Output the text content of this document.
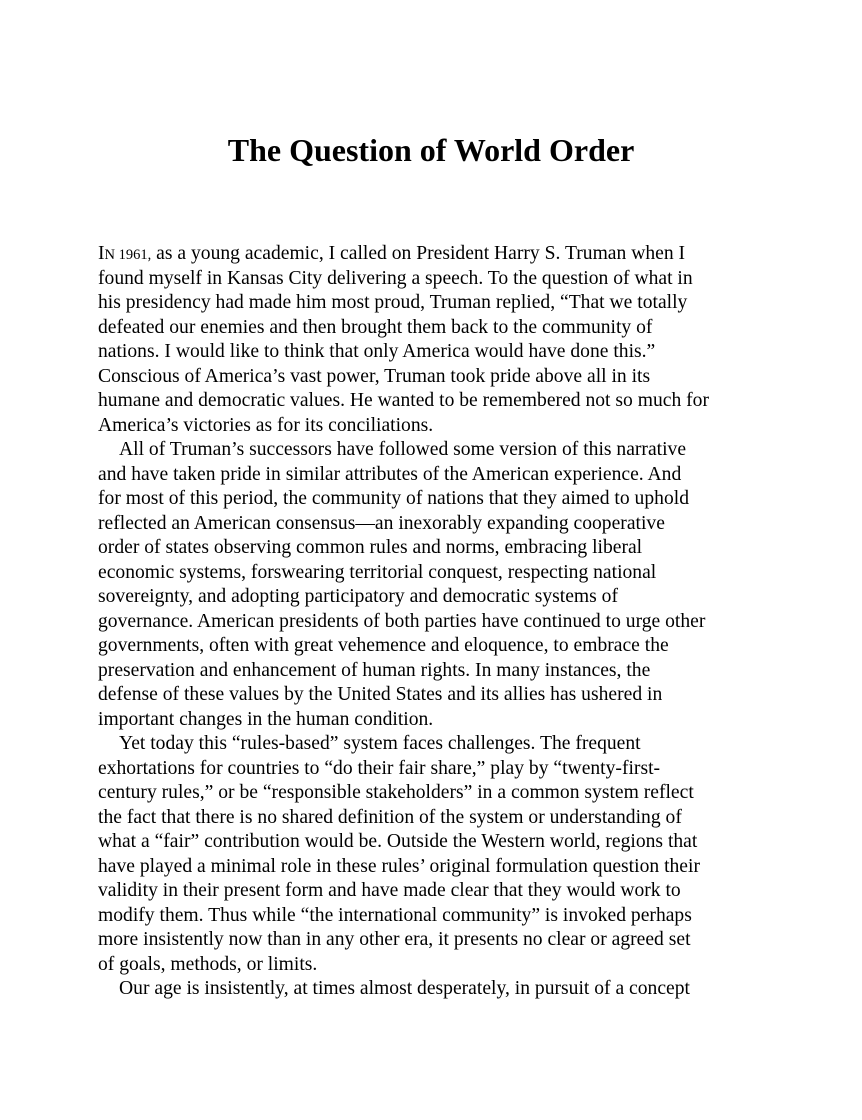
The Question of World Order
IN 1961, as a young academic, I called on President Harry S. Truman when I
found myself in Kansas City delivering a speech. To the question of what in
his presidency had made him most proud, Truman replied, “That we totally
defeated our enemies and then brought them back to the community of
nations. I would like to think that only America would have done this.”
Conscious of America’s vast power, Truman took pride above all in its
humane and democratic values. He wanted to be remembered not so much for
America’s victories as for its conciliations.
All of Truman’s successors have followed some version of this narrative
and have taken pride in similar attributes of the American experience. And
for most of this period, the community of nations that they aimed to uphold
reflected an American consensus—an inexorably expanding cooperative
order of states observing common rules and norms, embracing liberal
economic systems, forswearing territorial conquest, respecting national
sovereignty, and adopting participatory and democratic systems of
governance. American presidents of both parties have continued to urge other
governments, often with great vehemence and eloquence, to embrace the
preservation and enhancement of human rights. In many instances, the
defense of these values by the United States and its allies has ushered in
important changes in the human condition.
Yet today this “rules-based” system faces challenges. The frequent
exhortations for countries to “do their fair share,” play by “twenty-first-
century rules,” or be “responsible stakeholders” in a common system reflect
the fact that there is no shared definition of the system or understanding of
what a “fair” contribution would be. Outside the Western world, regions that
have played a minimal role in these rules’ original formulation question their
validity in their present form and have made clear that they would work to
modify them. Thus while “the international community” is invoked perhaps
more insistently now than in any other era, it presents no clear or agreed set
of goals, methods, or limits.
Our age is insistently, at times almost desperately, in pursuit of a concept
